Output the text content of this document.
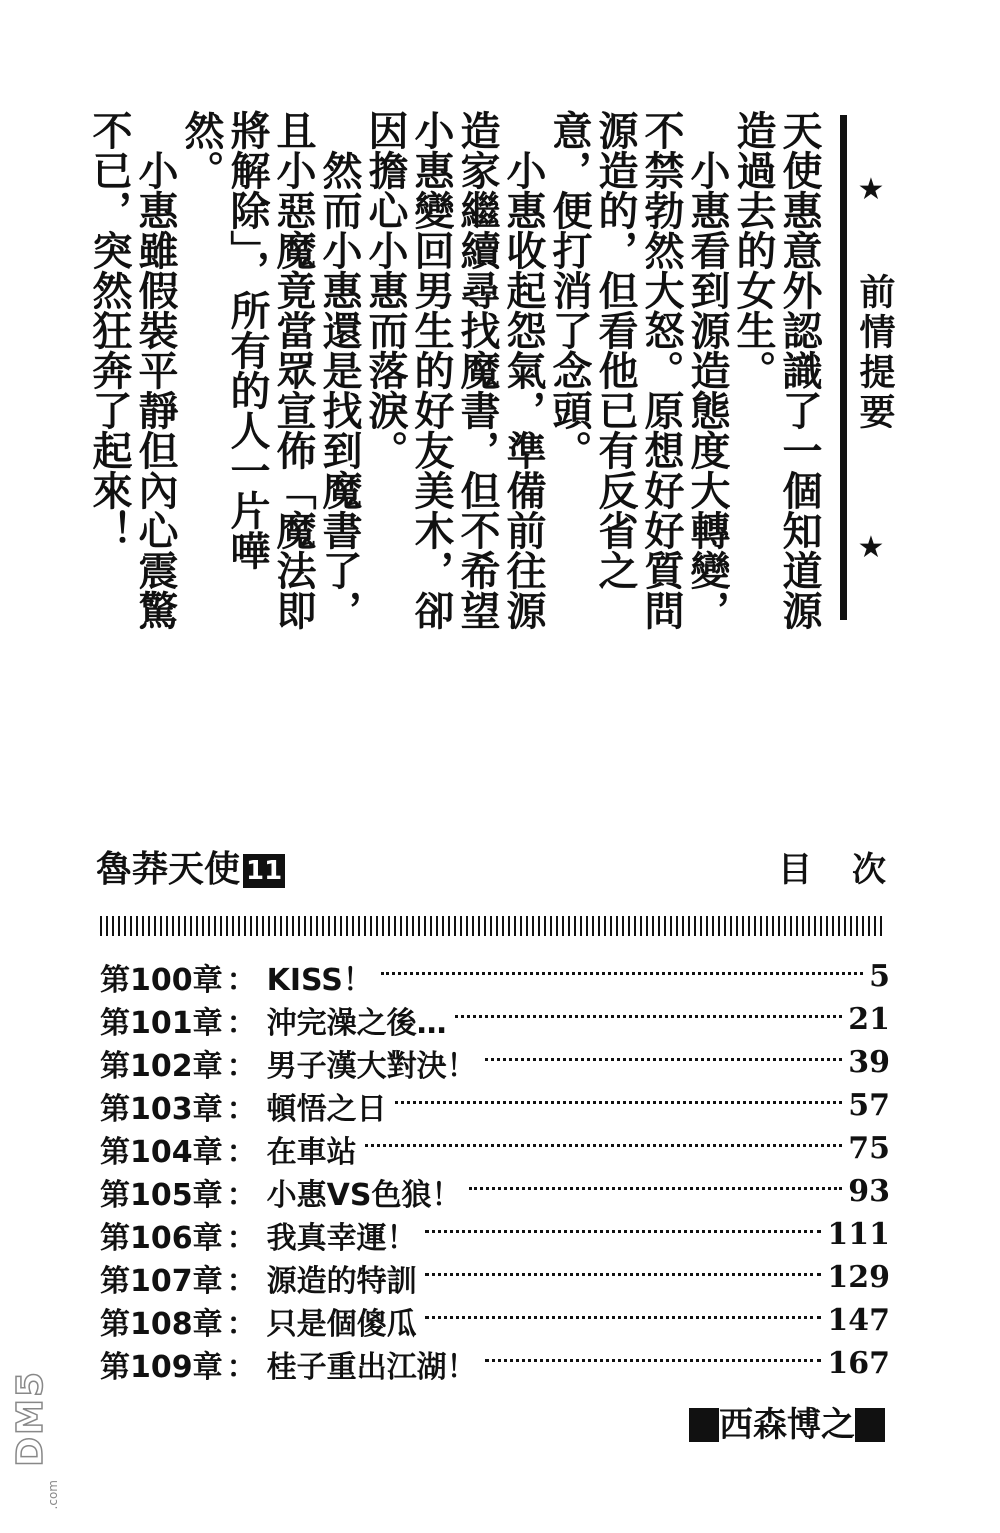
★
前情提要
★
天使惠意外認識了一個知道源造過去的女生。
　小惠看到源造態度大轉變，不禁勃然大怒。原想好好質問源造的，但看他已有反省之意，便打消了念頭。
　小惠收起怨氣，準備前往源造家繼續尋找魔書，但不希望小惠變回男生的好友美木，卻因擔心小惠而落淚。
　然而小惠還是找到魔書了，且小惡魔竟當眾宣佈「魔法即將解除」，所有的人一片嘩然。
　小惠雖假裝平靜但內心震驚不已，突然狂奔了起來！
魯莽天使 11	目次
第100章 ： KISS！	5
第101章 ： 沖完澡之後…	21
第102章 ： 男子漢大對決！	39
第103章 ： 頓悟之日	57
第104章 ： 在車站	75
第105章 ： 小惠VS色狼！	93
第106章 ： 我真幸運！	111
第107章 ： 源造的特訓	129
第108章 ： 只是個傻瓜	147
第109章 ： 桂子重出江湖！	167
西森博之
DM5
.com
